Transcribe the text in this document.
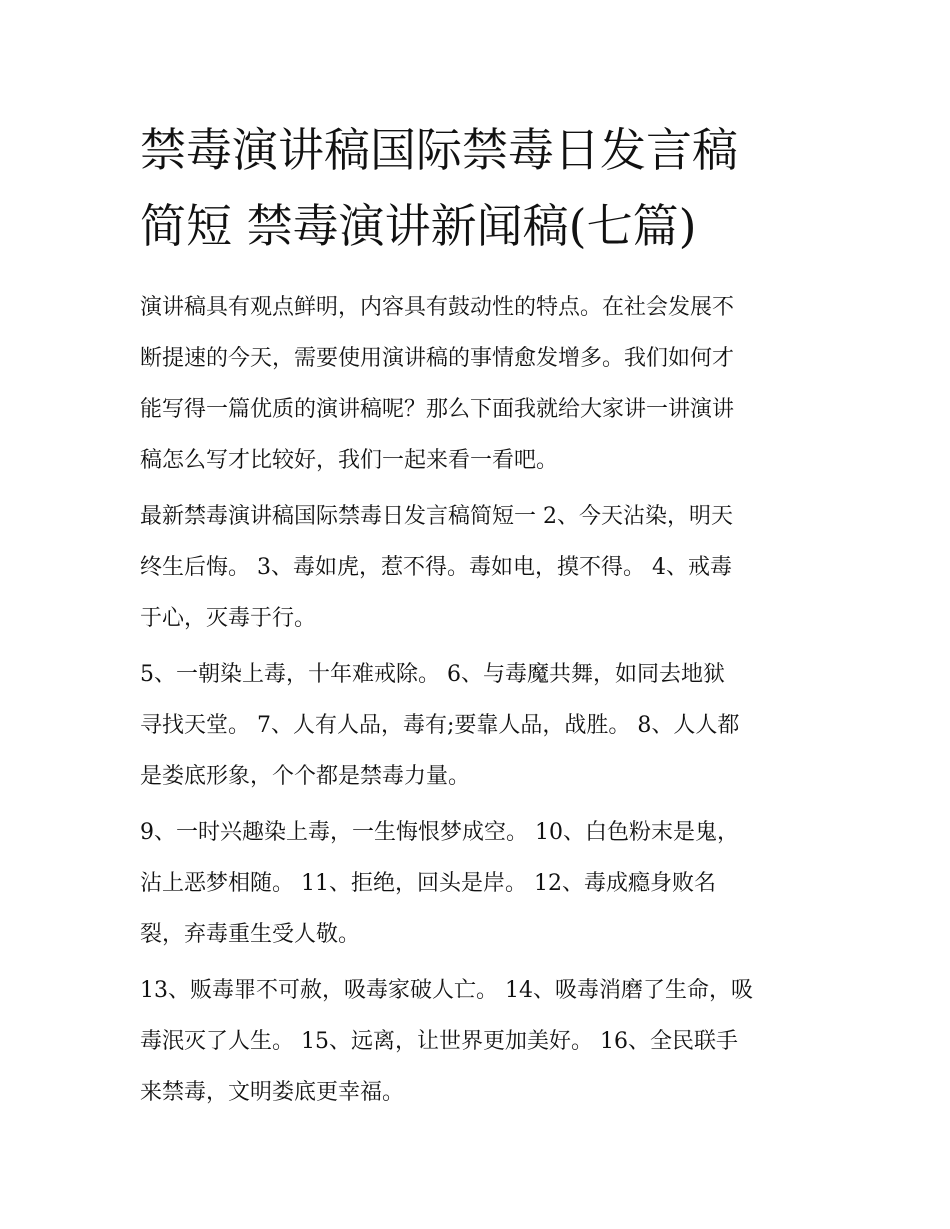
禁毒演讲稿国际禁毒日发言稿
简短 禁毒演讲新闻稿(七篇)

演讲稿具有观点鲜明，内容具有鼓动性的特点。在社会发展不
断提速的今天，需要使用演讲稿的事情愈发增多。我们如何才
能写得一篇优质的演讲稿呢？那么下面我就给大家讲一讲演讲
稿怎么写才比较好，我们一起来看一看吧。

最新禁毒演讲稿国际禁毒日发言稿简短一 2、今天沾染，明天
终生后悔。 3、毒如虎，惹不得。毒如电，摸不得。 4、戒毒
于心，灭毒于行。

5、一朝染上毒，十年难戒除。 6、与毒魔共舞，如同去地狱
寻找天堂。 7、人有人品，毒有;要靠人品，战胜。 8、人人都
是娄底形象，个个都是禁毒力量。

9、一时兴趣染上毒，一生悔恨梦成空。 10、白色粉末是鬼，
沾上恶梦相随。 11、拒绝，回头是岸。 12、毒成瘾身败名
裂，弃毒重生受人敬。

13、贩毒罪不可赦，吸毒家破人亡。 14、吸毒消磨了生命，吸
毒泯灭了人生。 15、远离，让世界更加美好。 16、全民联手
来禁毒，文明娄底更幸福。
